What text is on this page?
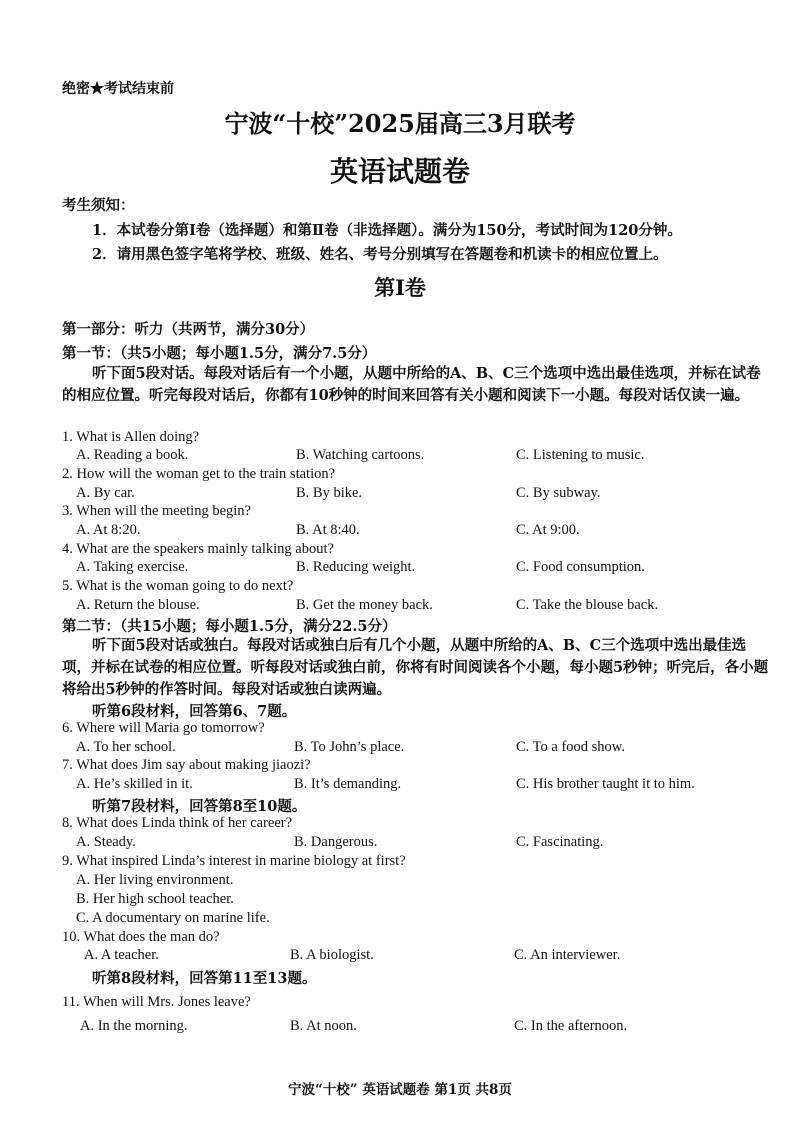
绝密★考试结束前
宁波“十校”2025届高三3月联考
英语试题卷
考生须知：
1．本试卷分第Ⅰ卷（选择题）和第Ⅱ卷（非选择题）。满分为150分，考试时间为120分钟。
2．请用黑色签字笔将学校、班级、姓名、考号分别填写在答题卷和机读卡的相应位置上。
第Ⅰ卷
第一部分：听力（共两节，满分30分）
第一节：（共5小题；每小题1.5分，满分7.5分）
听下面5段对话。每段对话后有一个小题，从题中所给的A、B、C三个选项中选出最佳选项，并标在试卷的相应位置。听完每段对话后，你都有10秒钟的时间来回答有关小题和阅读下一小题。每段对话仅读一遍。
1. What is Allen doing?
A. Reading a book.	B. Watching cartoons.	C. Listening to music.
2. How will the woman get to the train station?
A. By car.	B. By bike.	C. By subway.
3. When will the meeting begin?
A. At 8:20.	B. At 8:40.	C. At 9:00.
4. What are the speakers mainly talking about?
A. Taking exercise.	B. Reducing weight.	C. Food consumption.
5. What is the woman going to do next?
A. Return the blouse.	B. Get the money back.	C. Take the blouse back.
第二节：（共15小题；每小题1.5分，满分22.5分）
听下面5段对话或独白。每段对话或独白后有几个小题，从题中所给的A、B、C三个选项中选出最佳选项，并标在试卷的相应位置。听每段对话或独白前，你将有时间阅读各个小题，每小题5秒钟；听完后，各小题将给出5秒钟的作答时间。每段对话或独白读两遍。
听第6段材料，回答第6、7题。
6. Where will Maria go tomorrow?
A. To her school.	B. To John’s place.	C. To a food show.
7. What does Jim say about making jiaozi?
A. He’s skilled in it.	B. It’s demanding.	C. His brother taught it to him.
听第7段材料，回答第8至10题。
8. What does Linda think of her career?
A. Steady.	B. Dangerous.	C. Fascinating.
9. What inspired Linda’s interest in marine biology at first?
A. Her living environment.
B. Her high school teacher.
C. A documentary on marine life.
10. What does the man do?
A. A teacher.	B. A biologist.	C. An interviewer.
听第8段材料，回答第11至13题。
11. When will Mrs. Jones leave?
A. In the morning.	B. At noon.	C. In the afternoon.
宁波“十校” 英语试题卷 第1页 共8页
